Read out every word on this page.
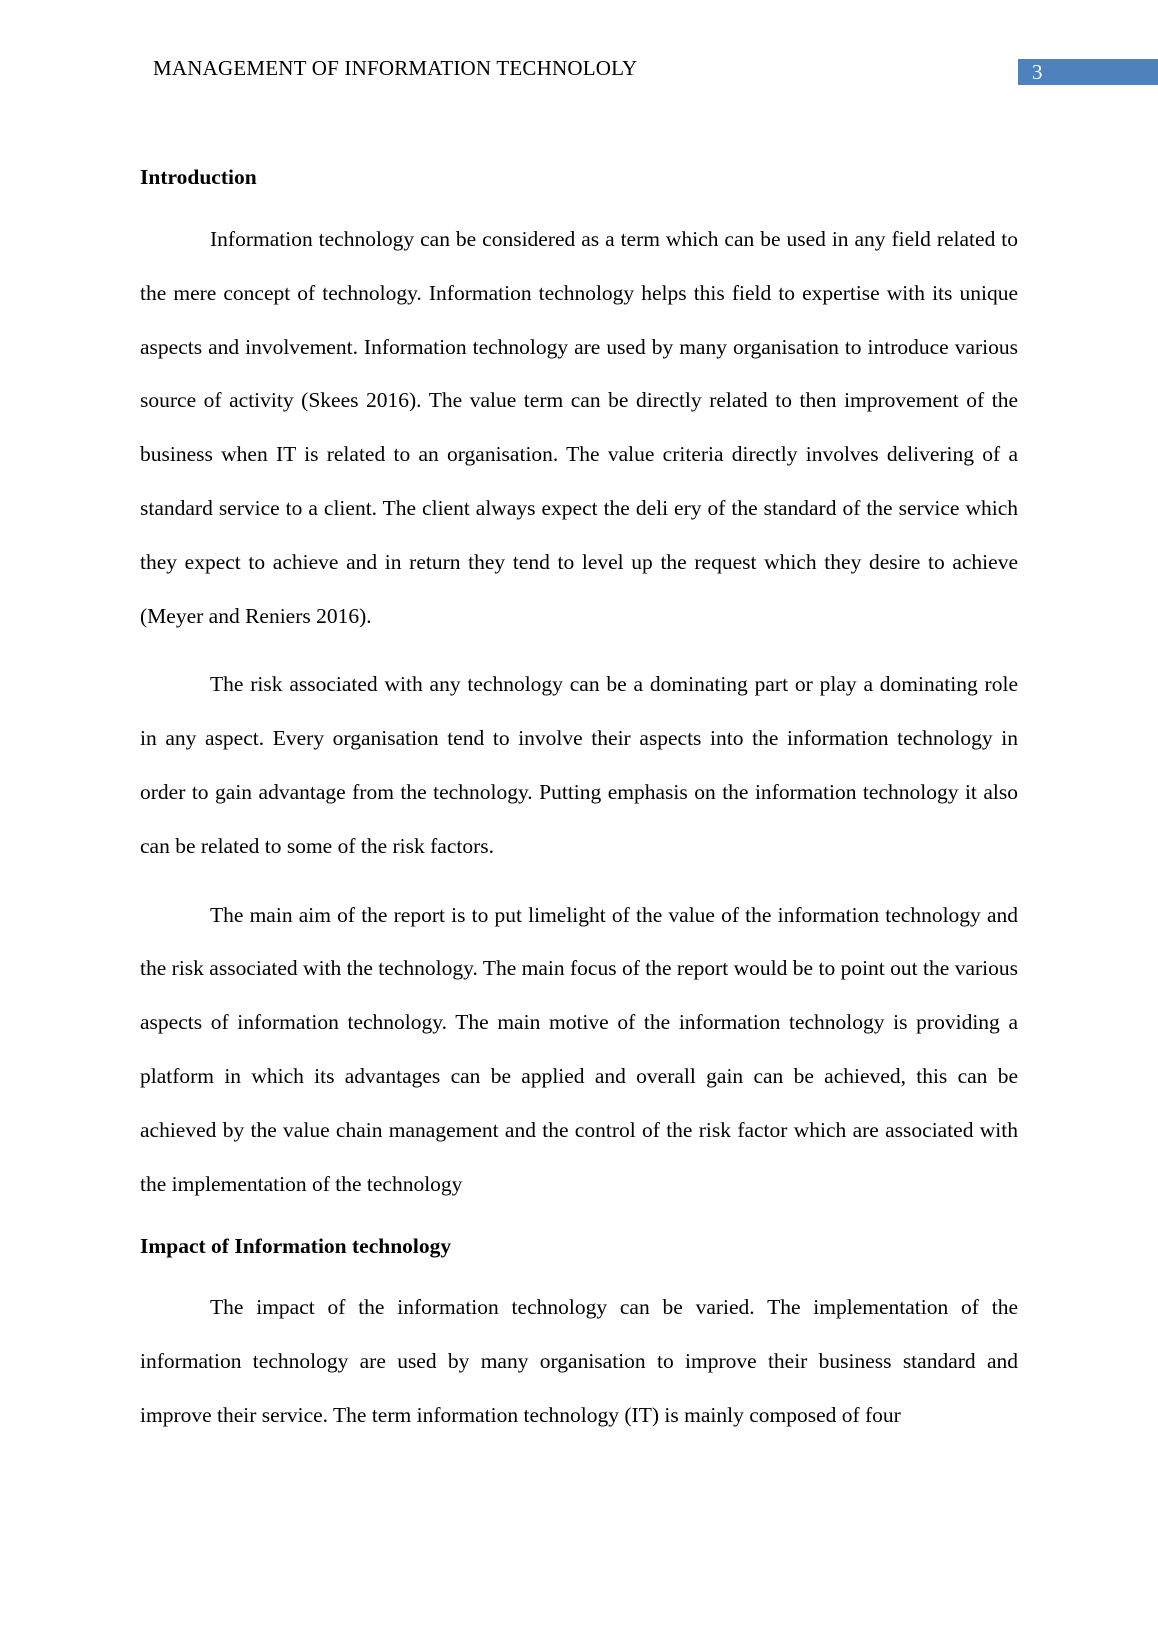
MANAGEMENT OF INFORMATION TECHNOLOLY	3
Introduction

Information technology can be considered as a term which can be used in any field related to the mere concept of technology. Information technology helps this field to expertise with its unique aspects and involvement. Information technology are used by many organisation to introduce various source of activity (Skees 2016). The value term can be directly related to then improvement of the business when IT is related to an organisation. The value criteria directly involves delivering of a standard service to a client. The client always expect the deli ery of the standard of the service which they expect to achieve and in return they tend to level up the request which they desire to achieve (Meyer and Reniers 2016).

The risk associated with any technology can be a dominating part or play a dominating role in any aspect. Every organisation tend to involve their aspects into the information technology in order to gain advantage from the technology. Putting emphasis on the information technology it also can be related to some of the risk factors.

The main aim of the report is to put limelight of the value of the information technology and the risk associated with the technology. The main focus of the report would be to point out the various aspects of information technology. The main motive of the information technology is providing a platform in which its advantages can be applied and overall gain can be achieved, this can be achieved by the value chain management and the control of the risk factor which are associated with the implementation of the technology

Impact of Information technology

The impact of the information technology can be varied. The implementation of the information technology are used by many organisation to improve their business standard and improve their service. The term information technology (IT) is mainly composed of four
